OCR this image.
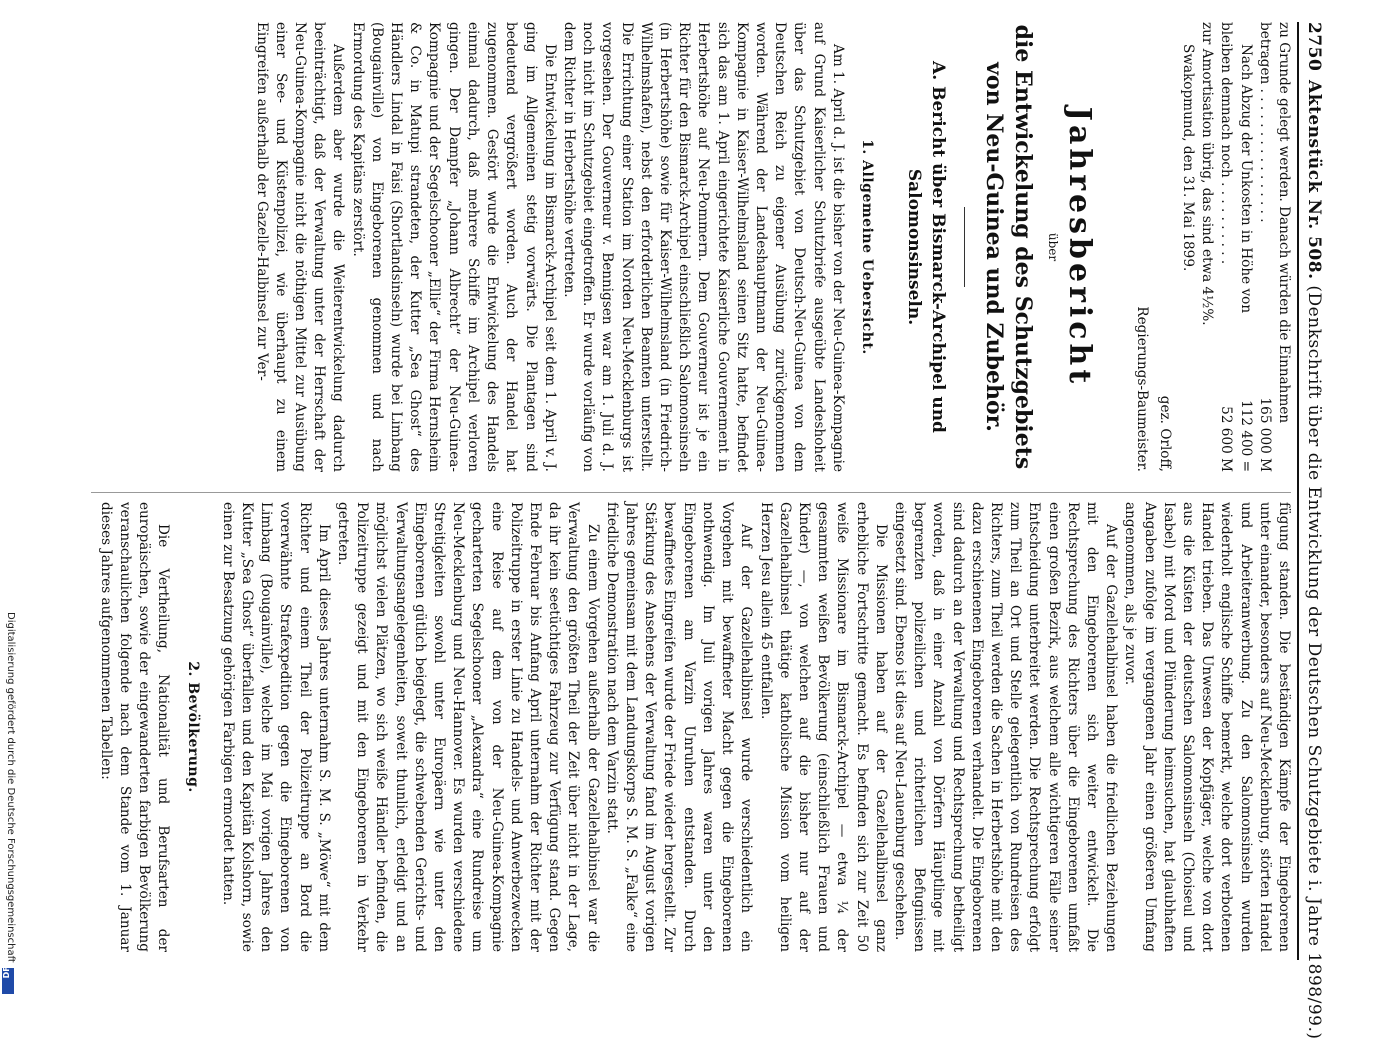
2750
Aktenstück Nr. 508. (Denkschrift über die Entwicklung der Deutschen Schutzgebiete i. Jahre 1898/99.)

zu Grunde gelegt werden. Danach würden die Einnahmen

betragen . . . . . . . . . . . . . . . .
165 000 M
Nach Abzug der Unkosten in Höhe von
112 400 =
bleiben demnach noch . . . . . . . . . .
52 600 M

zur Amortisation übrig, das sind etwa 4½%.

Swakopmund, den 31. Mai 1899.

gez. Orloff,

Regierungs-Baumeister.

Jahresbericht
über
die Entwickelung des Schutzgebiets von Neu-Guinea und Zubehör.
A. Bericht über Bismarck-Archipel und Salomonsinseln.
1. Allgemeine Uebersicht.

Am 1. April d. J. ist die bisher von der Neu-Guinea-Kompagnie auf Grund Kaiserlicher Schutzbriefe ausgeübte Landeshoheit über das Schutzgebiet von Deutsch-Neu-Guinea von dem Deutschen Reich zu eigener Ausübung zurückgenommen worden. Während der Landeshauptmann der Neu-Guinea-Kompagnie in Kaiser-Wilhelmsland seinen Sitz hatte, befindet sich das am 1. April eingerichtete Kaiserliche Gouvernement in Herbertshöhe auf Neu-Pommern. Dem Gouverneur ist je ein Richter für den Bismarck-Archipel einschließlich Salomonsinseln (in Herbertshöhe) sowie für Kaiser-Wilhelmsland (in Friedrich-Wilhelmshafen), nebst den erforderlichen Beamten unterstellt. Die Errichtung einer Station im Norden Neu-Mecklenburgs ist vorgesehen. Der Gouverneur v. Bennigsen war am 1. Juli d. J. noch nicht im Schutzgebiet eingetroffen. Er wurde vorläufig von dem Richter in Herbertshöhe vertreten.

Die Entwickelung im Bismarck-Archipel seit dem 1. April v. J. ging im Allgemeinen stetig vorwärts. Die Plantagen sind bedeutend vergrößert worden. Auch der Handel hat zugenommen. Gestört wurde die Entwickelung des Handels einmal dadurch, daß mehrere Schiffe im Archipel verloren gingen. Der Dampfer „Johann Albrecht“ der Neu-Guinea-Kompagnie und der Segelschooner „Ellie“ der Firma Hernsheim & Co. in Matupi strandeten, der Kutter „Sea Ghost“ des Händlers Lindal in Faisi (Shortlandsinseln) wurde bei Limbang (Bougainville) von Eingeborenen genommen und nach Ermordung des Kapitäns zerstört.

Außerdem aber wurde die Weiterentwickelung dadurch beeinträchtigt, daß der Verwaltung unter der Herrschaft der Neu-Guinea-Kompagnie nicht die nöthigen Mittel zur Ausübung einer See- und Küstenpolizei, wie überhaupt zu einem Eingreifen außerhalb der Gazelle-Halbinsel zur Ver-

fügung standen. Die beständigen Kämpfe der Eingeborenen unter einander, besonders auf Neu-Mecklenburg, störten Handel und Arbeiteranwerbung. Zu den Salomonsinseln wurden wiederholt englische Schiffe bemerkt, welche dort verbotenen Handel trieben. Das Unwesen der Kopfjäger, welche von dort aus die Küsten der deutschen Salomonsinseln (Choiseul und Isabel) mit Mord und Plünderung heimsuchen, hat glaubhaften Angaben zufolge im vergangenen Jahr einen größeren Umfang angenommen, als je zuvor.

Auf der Gazellehalbinsel haben die friedlichen Beziehungen mit den Eingeborenen sich weiter entwickelt. Die Rechtsprechung des Richters über die Eingeborenen umfaßt einen großen Bezirk, aus welchem alle wichtigeren Fälle seiner Entscheidung unterbreitet werden. Die Rechtsprechung erfolgt zum Theil an Ort und Stelle gelegentlich von Rundreisen des Richters, zum Theil werden die Sachen in Herbertshöhe mit den dazu erschienenen Eingeborenen verhandelt. Die Eingeborenen sind dadurch an der Verwaltung und Rechtsprechung betheiligt worden, daß in einer Anzahl von Dörfern Häuptlinge mit begrenzten polizeilichen und richterlichen Befugnissen eingesetzt sind. Ebenso ist dies auf Neu-Lauenburg geschehen.

Die Missionen haben auf der Gazellehalbinsel ganz erhebliche Fortschritte gemacht. Es befinden sich zur Zeit 50 weiße Missionare im Bismarck-Archipel — etwa ¼ der gesammten weißen Bevölkerung (einschließlich Frauen und Kinder) —, von welchen auf die bisher nur auf der Gazellehalbinsel thätige katholische Mission vom heiligen Herzen Jesu allein 45 entfallen.

Auf der Gazellehalbinsel wurde verschiedentlich ein Vorgehen mit bewaffneter Macht gegen die Eingeborenen nothwendig. Im Juli vorigen Jahres waren unter den Eingeborenen am Varzin Unruhen entstanden. Durch bewaffnetes Eingreifen wurde der Friede wieder hergestellt. Zur Stärkung des Ansehens der Verwaltung fand im August vorigen Jahres gemeinsam mit dem Landungskorps S. M. S. „Falke“ eine friedliche Demonstration nach dem Varzin statt.

Zu einem Vorgehen außerhalb der Gazellehalbinsel war die Verwaltung den größten Theil der Zeit über nicht in der Lage, da ihr kein seetüchtiges Fahrzeug zur Verfügung stand. Gegen Ende Februar bis Anfang April unternahm der Richter mit der Polizeitruppe in erster Linie zu Handels- und Anwerbezwecken eine Reise auf dem von der Neu-Guinea-Kompagnie gecharterten Segelschooner „Alexandra“ eine Rundreise um Neu-Mecklenburg und Neu-Hannover. Es wurden verschiedene Streitigkeiten sowohl unter Europäern wie unter den Eingeborenen gütlich beigelegt, die schwebenden Gerichts- und Verwaltungsangelegenheiten, soweit thunlich, erledigt und an möglichst vielen Plätzen, wo sich weiße Händler befinden, die Polizeitruppe gezeigt und mit den Eingeborenen in Verkehr getreten.

Im April dieses Jahres unternahm S. M. S. „Möwe“ mit dem Richter und einem Theil der Polizeitruppe an Bord die vorerwähnte Strafexpedition gegen die Eingeborenen von Limbang (Bougainville), welche im Mai vorigen Jahres den Kutter „Sea Ghost“ überfallen und den Kapitän Kolshorn, sowie einen zur Besatzung gehörigen Farbigen ermordet hatten.

2. Bevölkerung.

Die Vertheilung, Nationalität und Berufsarten der europäischen, sowie der eingewanderten farbigen Bevölkerung veranschaulichen folgende nach dem Stande vom 1. Januar dieses Jahres aufgenommenen Tabellen:

Digitalisierung gefördert durch die Deutsche Forschungsgemeinschaft
DFG
